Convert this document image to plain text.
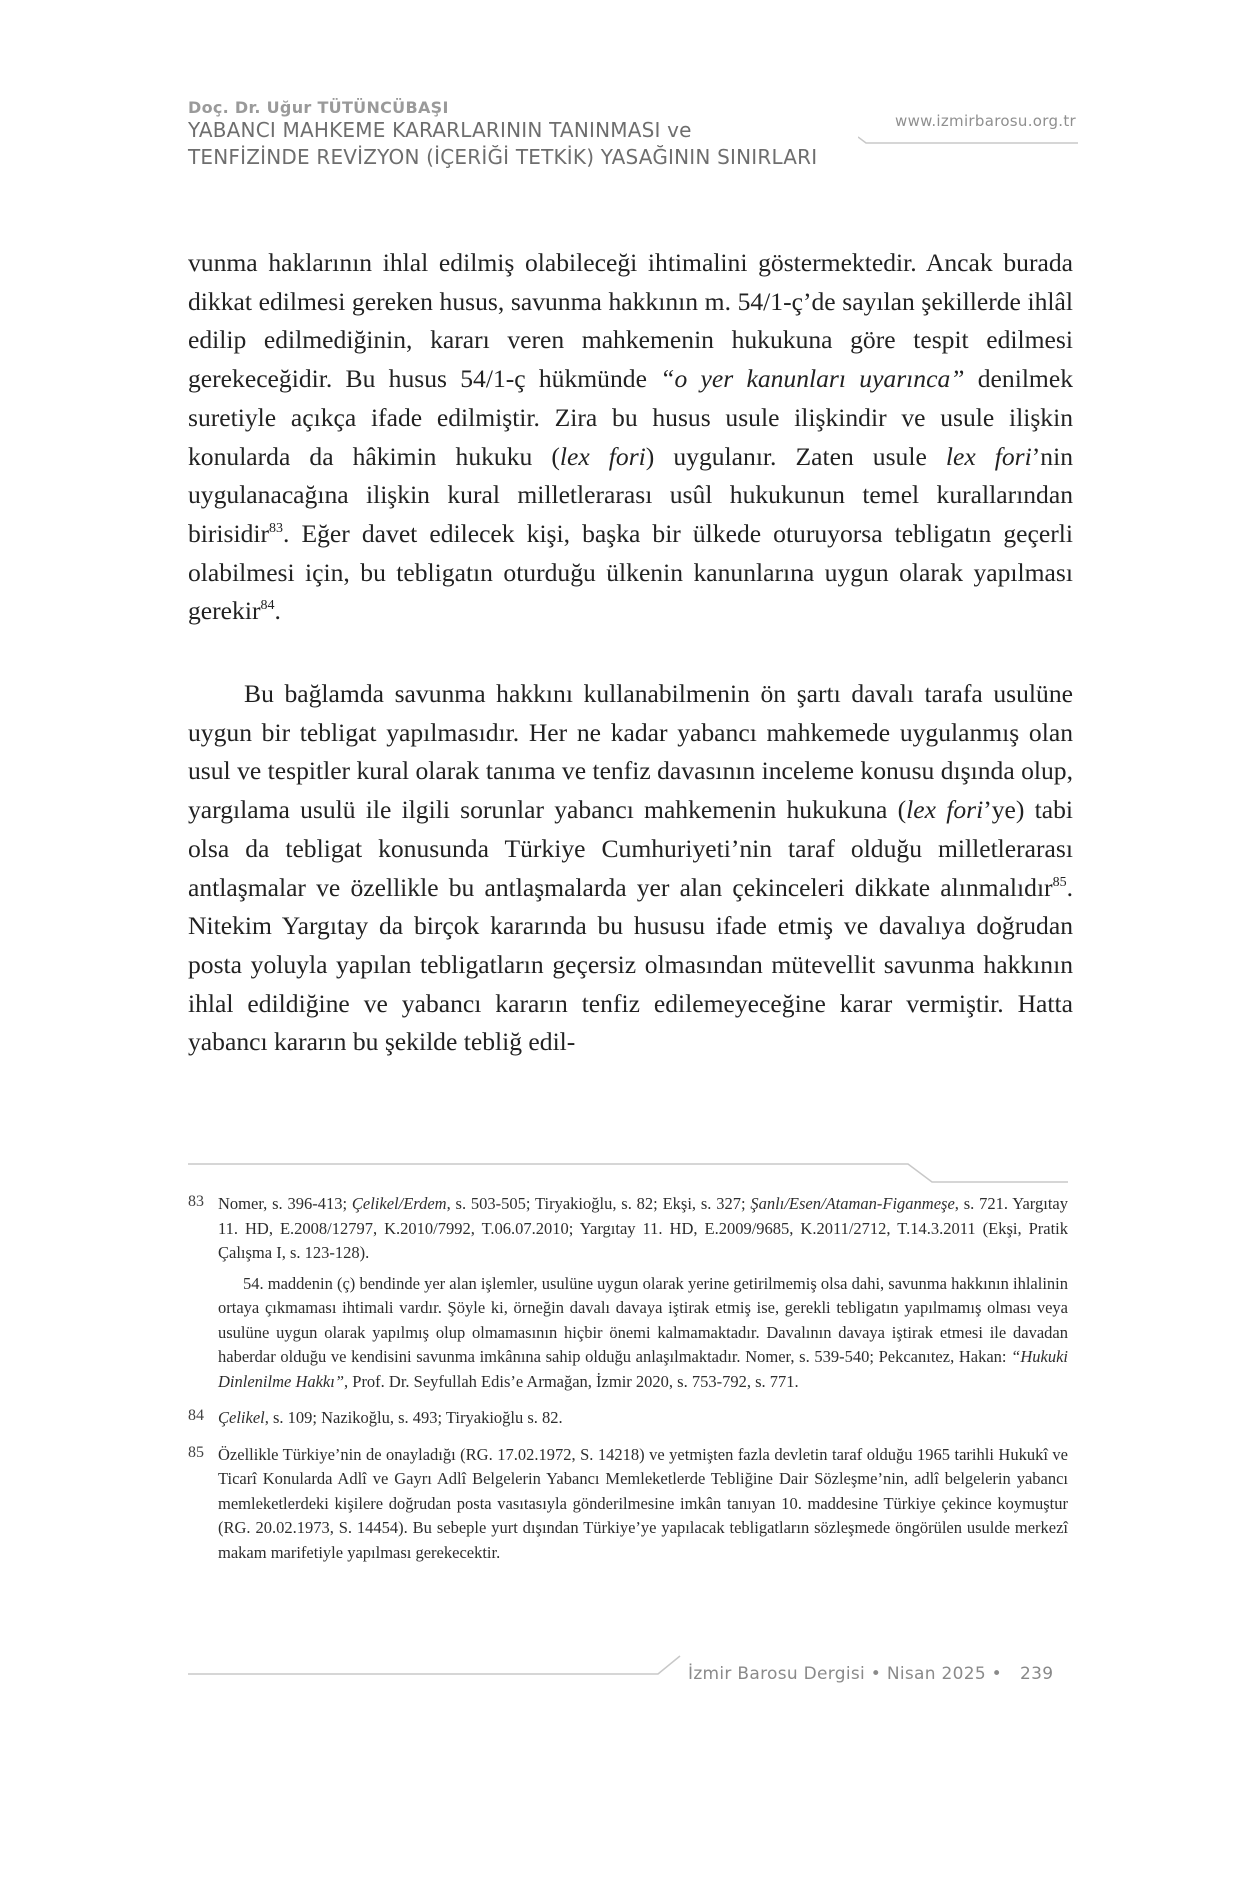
Doç. Dr. Uğur TÜTÜNCÜBAŞI
YABANCI MAHKEME KARARLARININ TANINMASI ve
TENFİZİNDE REVİZYON (İÇERİĞİ TETKİK) YASAĞININ SINIRLARI
www.izmirbarosu.org.tr

vunma haklarının ihlal edilmiş olabileceği ihtimalini göstermektedir. Ancak burada dikkat edilmesi gereken husus, savunma hakkının m. 54/1-ç’de sayılan şekillerde ihlâl edilip edilmediğinin, kararı veren mahkemenin hukukuna göre tespit edilmesi gerekeceğidir. Bu husus 54/1-ç hükmünde “o yer kanunları uyarınca” denilmek suretiyle açıkça ifade edilmiştir. Zira bu husus usule ilişkindir ve usule ilişkin konularda da hâkimin hukuku (lex fori) uygulanır. Zaten usule lex fori’nin uygulanacağına ilişkin kural milletlerarası usûl hukukunun temel kurallarından birisidir$^{83}$. Eğer davet edilecek kişi, başka bir ülkede oturuyorsa tebligatın geçerli olabilmesi için, bu tebligatın oturduğu ülkenin kanunlarına uygun olarak yapılması gerekir$^{84}$.

Bu bağlamda savunma hakkını kullanabilmenin ön şartı davalı tarafa usulüne uygun bir tebligat yapılmasıdır. Her ne kadar yabancı mahkemede uygulanmış olan usul ve tespitler kural olarak tanıma ve tenfiz davasının inceleme konusu dışında olup, yargılama usulü ile ilgili sorunlar yabancı mahkemenin hukukuna (lex fori’ye) tabi olsa da tebligat konusunda Türkiye Cumhuriyeti’nin taraf olduğu milletlerarası antlaşmalar ve özellikle bu antlaşmalarda yer alan çekinceleri dikkate alınmalıdır$^{85}$. Nitekim Yargıtay da birçok kararında bu hususu ifade etmiş ve davalıya doğrudan posta yoluyla yapılan tebligatların geçersiz olmasından mütevellit savunma hakkının ihlal edildiğine ve yabancı kararın tenfiz edilemeyeceğine karar vermiştir. Hatta yabancı kararın bu şekilde tebliğ edil-

83 Nomer, s. 396-413; Çelikel/Erdem, s. 503-505; Tiryakioğlu, s. 82; Ekşi, s. 327; Şanlı/Esen/Ataman-Figanmeşe, s. 721. Yargıtay 11. HD, E.2008/12797, K.2010/7992, T.06.07.2010; Yargıtay 11. HD, E.2009/9685, K.2011/2712, T.14.3.2011 (Ekşi, Pratik Çalışma I, s. 123-128).
54. maddenin (ç) bendinde yer alan işlemler, usulüne uygun olarak yerine getirilmemiş olsa dahi, savunma hakkının ihlalinin ortaya çıkmaması ihtimali vardır. Şöyle ki, örneğin davalı davaya iştirak etmiş ise, gerekli tebligatın yapılmamış olması veya usulüne uygun olarak yapılmış olup olmamasının hiçbir önemi kalmamaktadır. Davalının davaya iştirak etmesi ile davadan haberdar olduğu ve kendisini savunma imkânına sahip olduğu anlaşılmaktadır. Nomer, s. 539-540; Pekcanıtez, Hakan: “Hukuki Dinlenilme Hakkı”, Prof. Dr. Seyfullah Edis’e Armağan, İzmir 2020, s. 753-792, s. 771.
84 Çelikel, s. 109; Nazikoğlu, s. 493; Tiryakioğlu s. 82.
85 Özellikle Türkiye’nin de onayladığı (RG. 17.02.1972, S. 14218) ve yetmişten fazla devletin taraf olduğu 1965 tarihli Hukukî ve Ticarî Konularda Adlî ve Gayrı Adlî Belgelerin Yabancı Memleketlerde Tebliğine Dair Sözleşme’nin, adlî belgelerin yabancı memleketlerdeki kişilere doğrudan posta vasıtasıyla gönderilmesine imkân tanıyan 10. maddesine Türkiye çekince koymuştur (RG. 20.02.1973, S. 14454). Bu sebeple yurt dışından Türkiye’ye yapılacak tebligatların sözleşmede öngörülen usulde merkezî makam marifetiyle yapılması gerekecektir.
İzmir Barosu Dergisi • Nisan 2025 • 239
